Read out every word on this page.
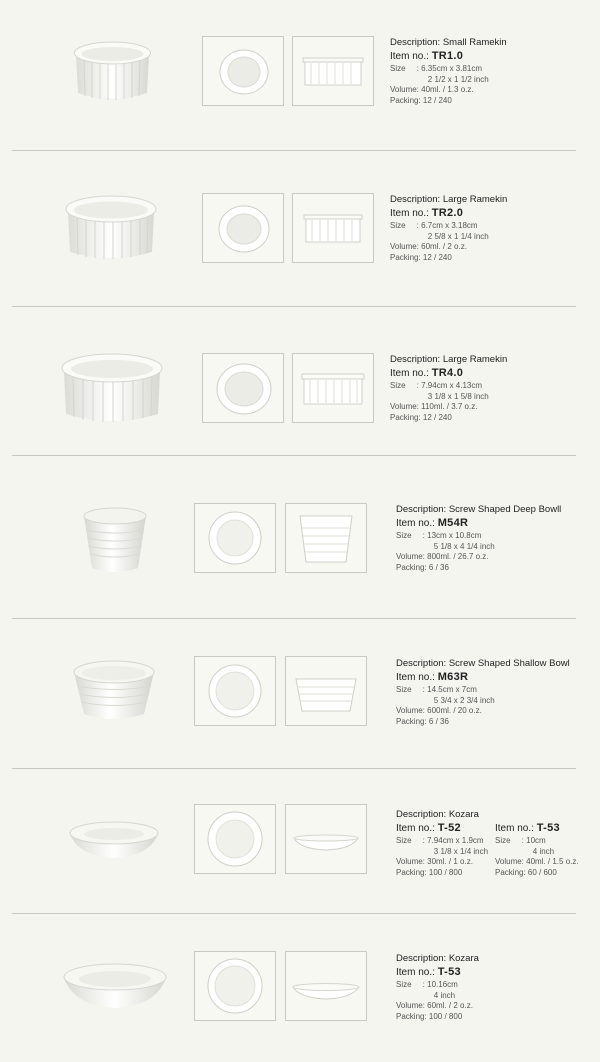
Description: Small Ramekin
Item no.: TR1.0
Size     : 6.35cm x 3.81cm
2 1/2 x 1 1/2 inch
Volume: 40ml. / 1.3 o.z.
Packing: 12 / 240
Description: Large Ramekin
Item no.: TR2.0
Size     : 6.7cm x 3.18cm
2 5/8 x 1 1/4 inch
Volume: 60ml. / 2 o.z.
Packing: 12 / 240
Description: Large Ramekin
Item no.: TR4.0
Size     : 7.94cm x 4.13cm
3 1/8 x 1 5/8 inch
Volume: 110ml. / 3.7 o.z.
Packing: 12 / 240
Description: Screw Shaped Deep Bowll
Item no.: M54R
Size     : 13cm x 10.8cm
5 1/8 x 4 1/4 inch
Volume: 800ml. / 26.7 o.z.
Packing: 6 / 36
Description: Screw Shaped Shallow Bowl
Item no.: M63R
Size     : 14.5cm x 7cm
5 3/4 x 2 3/4 inch
Volume: 600ml. / 20 o.z.
Packing: 6 / 36
Description: Kozara
Item no.: T-52
Size     : 7.94cm x 1.9cm
3 1/8 x 1/4 inch
Volume: 30ml. / 1 o.z.
Packing: 100 / 800
Item no.: T-53
Size     : 10cm
4 inch
Volume: 40ml. / 1.5 o.z.
Packing: 60 / 600
Description: Kozara
Item no.: T-53
Size     : 10.16cm
4 inch
Volume: 60ml. / 2 o.z.
Packing: 100 / 800
